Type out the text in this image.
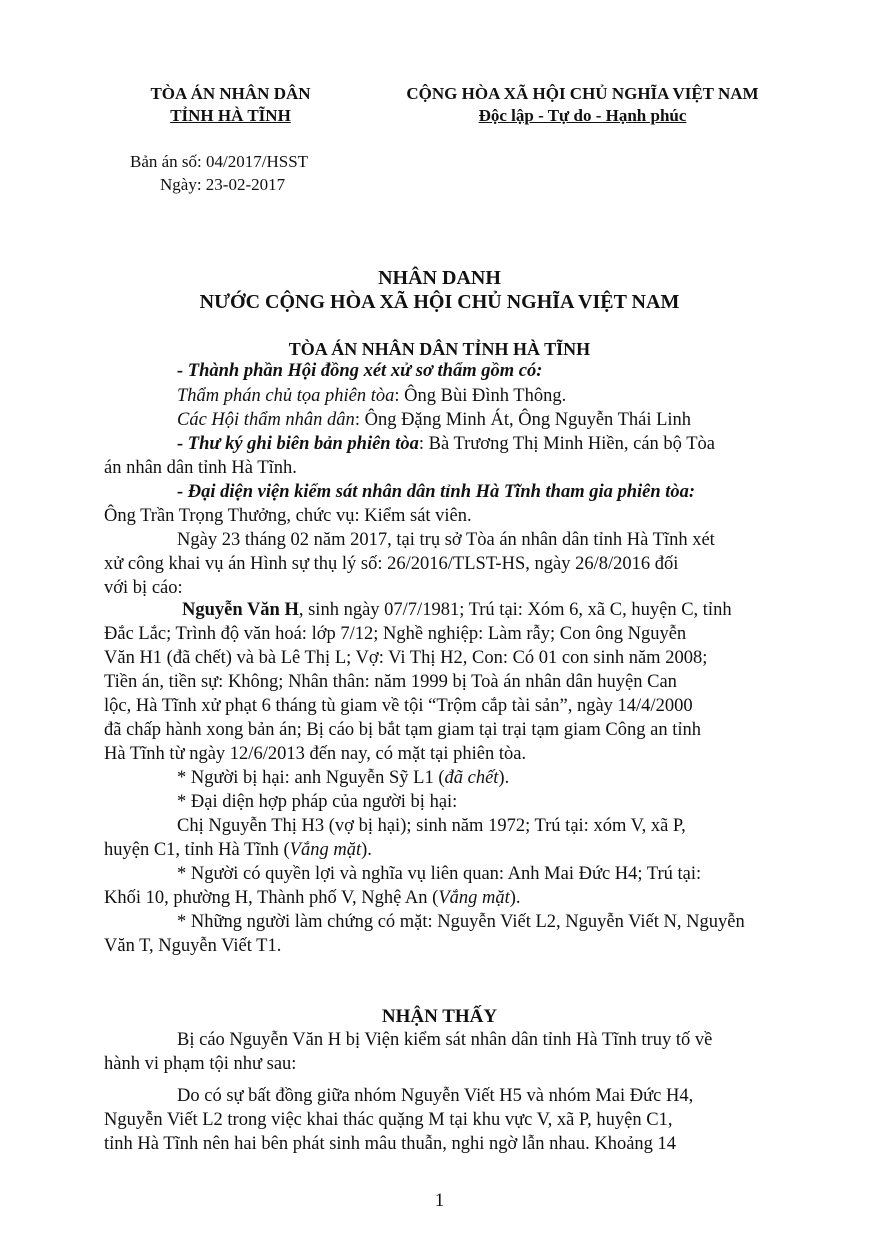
TÒA ÁN NHÂN DÂN
TỈNH HÀ TĨNH
CỘNG HÒA XÃ HỘI CHỦ NGHĨA VIỆT NAM
Độc lập - Tự do - Hạnh phúc
Bản án số: 04/2017/HSST
Ngày: 23-02-2017
NHÂN DANH
NƯỚC CỘNG HÒA XÃ HỘI CHỦ NGHĨA VIỆT NAM
TÒA ÁN NHÂN DÂN TỈNH HÀ TĨNH
- Thành phần Hội đồng xét xử sơ thẩm gồm có:
Thẩm phán chủ tọa phiên tòa: Ông Bùi Đình Thông.
Các Hội thẩm nhân dân: Ông Đặng Minh Át, Ông Nguyễn Thái Linh
- Thư ký ghi biên bản phiên tòa: Bà Trương Thị Minh Hiền, cán bộ Tòa
án nhân dân tỉnh Hà Tĩnh.
- Đại diện viện kiểm sát nhân dân tỉnh Hà Tĩnh tham gia phiên tòa:
Ông Trần Trọng Thưởng, chức vụ: Kiểm sát viên.
Ngày 23 tháng 02 năm 2017, tại trụ sở Tòa án nhân dân tỉnh Hà Tĩnh xét
xử công khai vụ án Hình sự thụ lý số: 26/2016/TLST-HS, ngày 26/8/2016 đối
với bị cáo:
Nguyễn Văn H, sinh ngày 07/7/1981; Trú tại: Xóm 6, xã C, huyện C, tỉnh
Đắc Lắc; Trình độ văn hoá: lớp 7/12; Nghề nghiệp: Làm rẫy; Con ông Nguyễn
Văn H1 (đã chết) và bà Lê Thị L; Vợ: Vi Thị H2, Con: Có 01 con sinh năm 2008;
Tiền án, tiền sự: Không; Nhân thân: năm 1999 bị Toà án nhân dân huyện Can
lộc, Hà Tĩnh xử phạt 6 tháng tù giam về tội “Trộm cắp tài sản”, ngày 14/4/2000
đã chấp hành xong bản án; Bị cáo bị bắt tạm giam tại trại tạm giam Công an tỉnh
Hà Tĩnh từ ngày 12/6/2013 đến nay, có mặt tại phiên tòa.
* Người bị hại: anh Nguyễn Sỹ L1 (đã chết).
* Đại diện hợp pháp của người bị hại:
Chị Nguyễn Thị H3 (vợ bị hại); sinh năm 1972; Trú tại: xóm V, xã P,
huyện C1, tỉnh Hà Tĩnh (Vắng mặt).
* Người có quyền lợi và nghĩa vụ liên quan: Anh Mai Đức H4; Trú tại:
Khối 10, phường H, Thành phố V, Nghệ An (Vắng mặt).
* Những người làm chứng có mặt: Nguyễn Viết L2, Nguyễn Viết N, Nguyễn
Văn T, Nguyễn Viết T1.
NHẬN THẤY
Bị cáo Nguyễn Văn H bị Viện kiểm sát nhân dân tỉnh Hà Tĩnh truy tố về
hành vi phạm tội như sau:
Do có sự bất đồng giữa nhóm Nguyễn Viết H5 và nhóm Mai Đức H4,
Nguyễn Viết L2 trong việc khai thác quặng M tại khu vực V, xã P, huyện C1,
tỉnh Hà Tĩnh nên hai bên phát sinh mâu thuẫn, nghi ngờ lẫn nhau. Khoảng 14
1
